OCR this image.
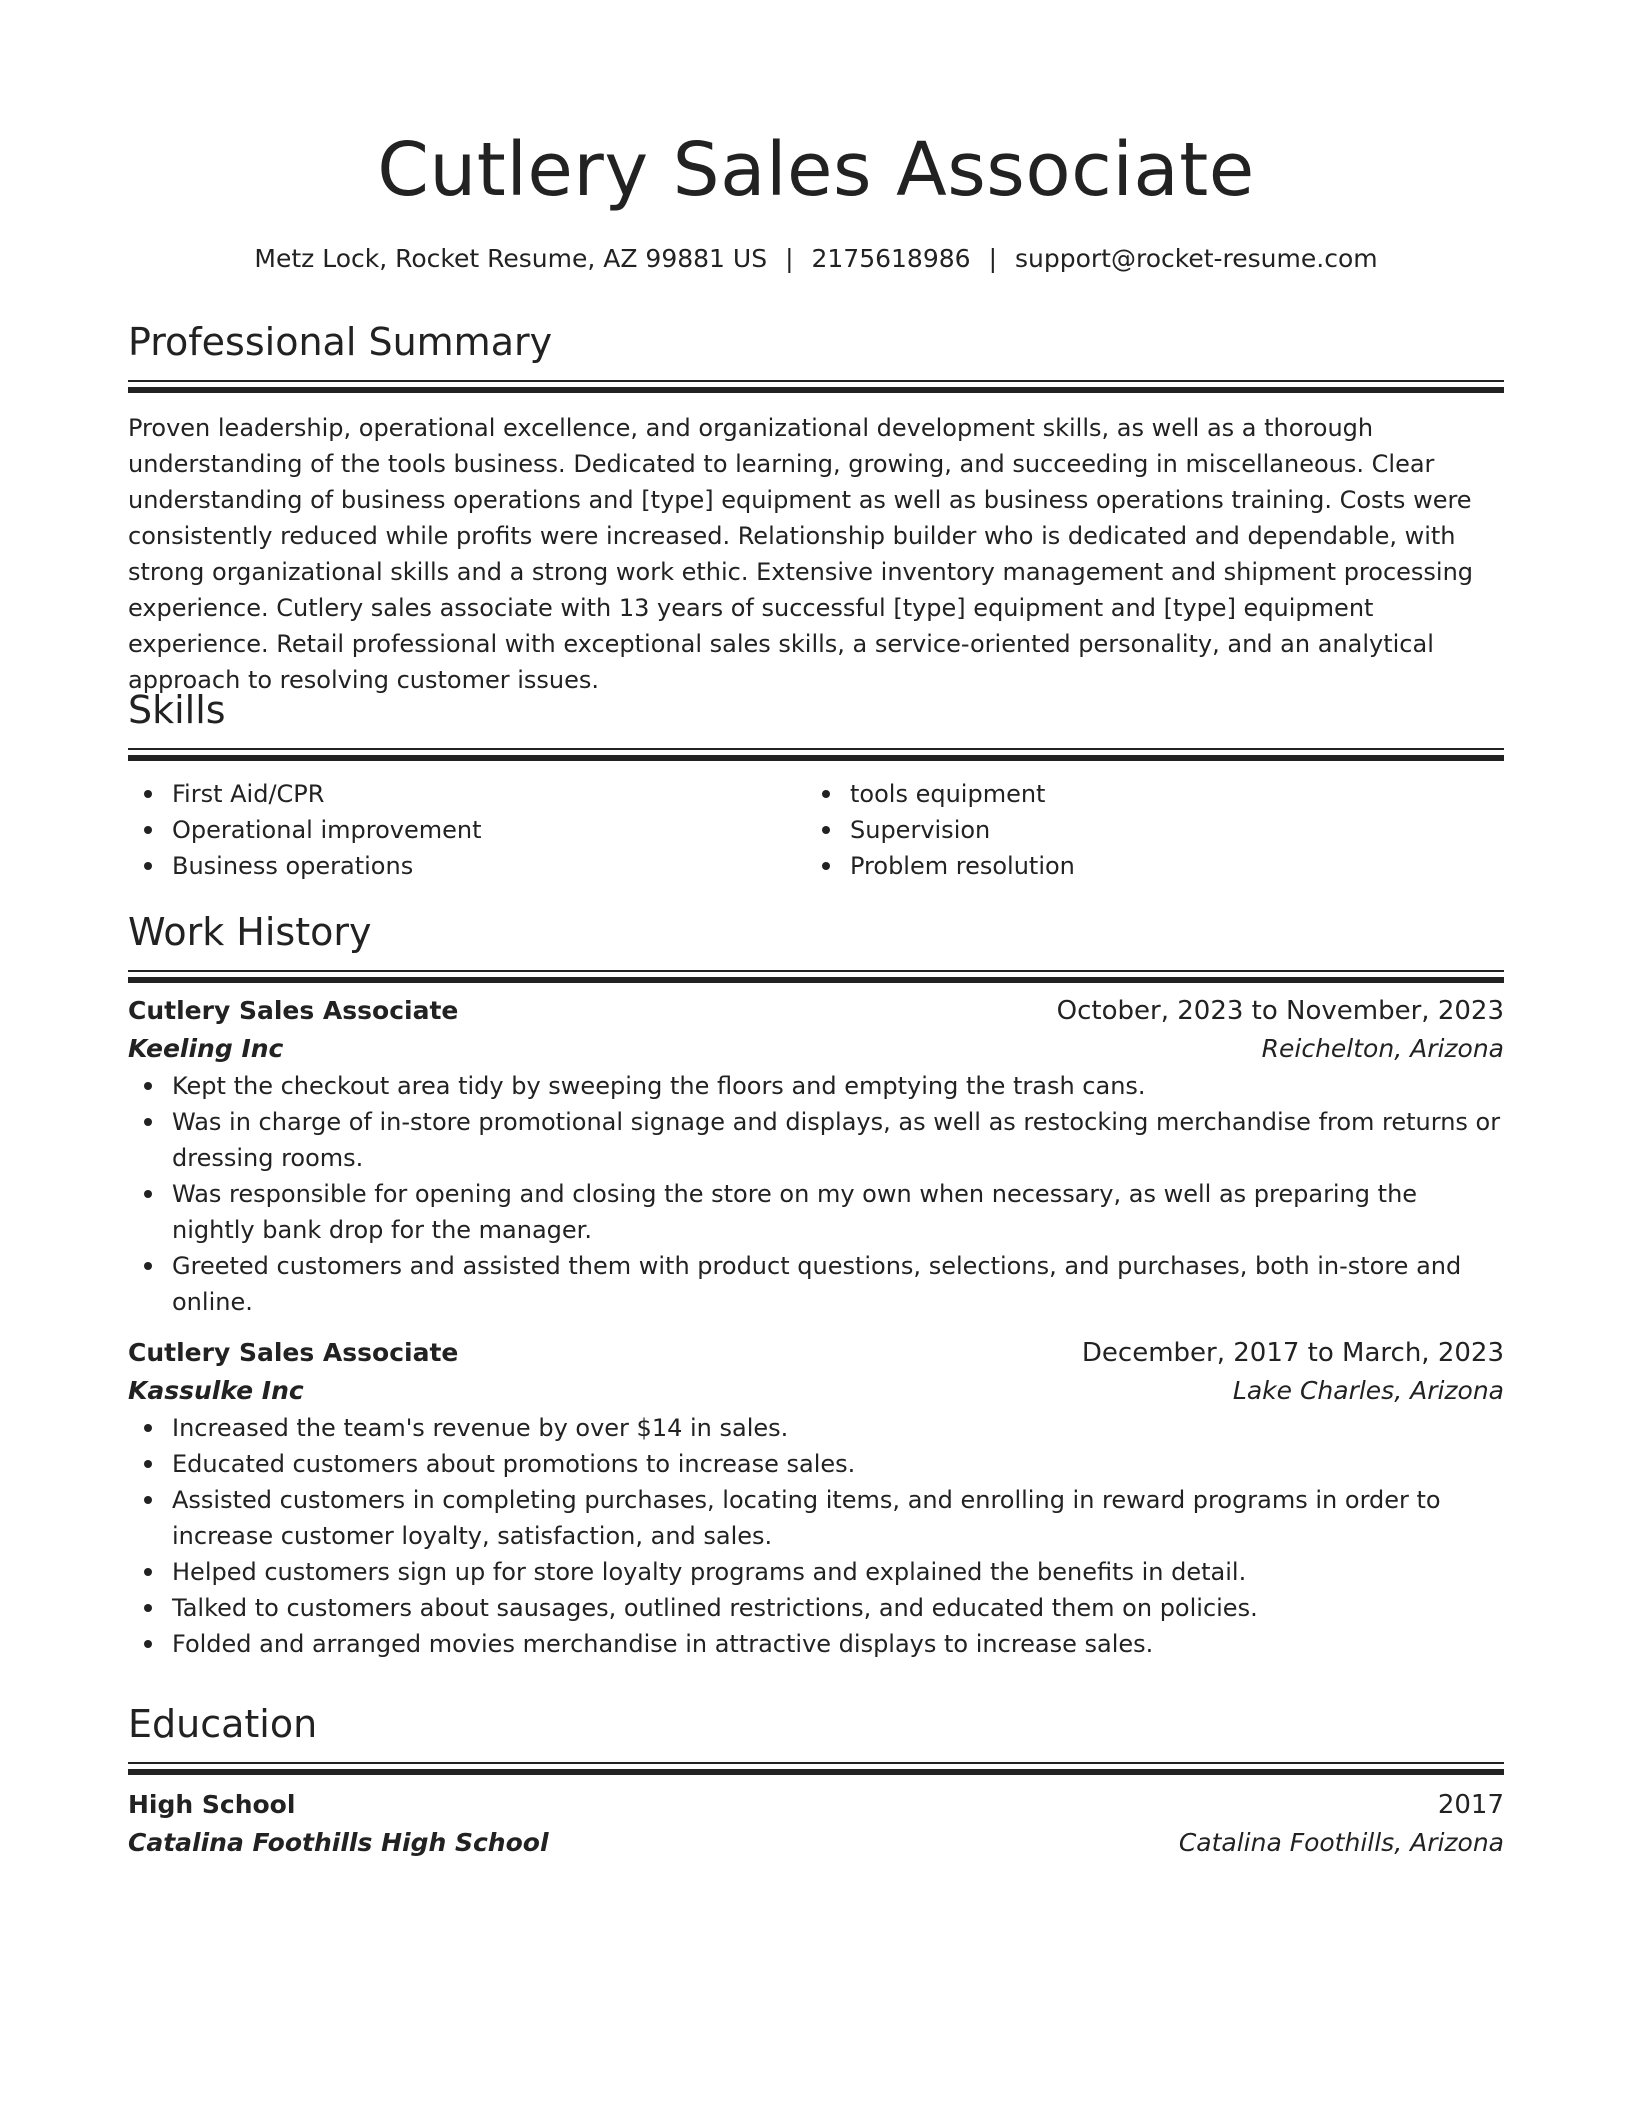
Cutlery Sales Associate
Metz Lock, Rocket Resume, AZ 99881 US | 2175618986 | support@rocket-resume.com
Professional Summary
Proven leadership, operational excellence, and organizational development skills, as well as a thorough understanding of the tools business. Dedicated to learning, growing, and succeeding in miscellaneous. Clear understanding of business operations and [type] equipment as well as business operations training. Costs were consistently reduced while profits were increased. Relationship builder who is dedicated and dependable, with strong organizational skills and a strong work ethic. Extensive inventory management and shipment processing experience. Cutlery sales associate with 13 years of successful [type] equipment and [type] equipment experience. Retail professional with exceptional sales skills, a service-oriented personality, and an analytical approach to resolving customer issues.
Skills
First Aid/CPR
Operational improvement
Business operations
tools equipment
Supervision
Problem resolution
Work History
Cutlery Sales Associate	October, 2023 to November, 2023
Keeling Inc	Reichelton, Arizona
Kept the checkout area tidy by sweeping the floors and emptying the trash cans.
Was in charge of in-store promotional signage and displays, as well as restocking merchandise from returns or dressing rooms.
Was responsible for opening and closing the store on my own when necessary, as well as preparing the nightly bank drop for the manager.
Greeted customers and assisted them with product questions, selections, and purchases, both in-store and online.
Cutlery Sales Associate	December, 2017 to March, 2023
Kassulke Inc	Lake Charles, Arizona
Increased the team's revenue by over $14 in sales.
Educated customers about promotions to increase sales.
Assisted customers in completing purchases, locating items, and enrolling in reward programs in order to increase customer loyalty, satisfaction, and sales.
Helped customers sign up for store loyalty programs and explained the benefits in detail.
Talked to customers about sausages, outlined restrictions, and educated them on policies.
Folded and arranged movies merchandise in attractive displays to increase sales.
Education
High School	2017
Catalina Foothills High School	Catalina Foothills, Arizona
